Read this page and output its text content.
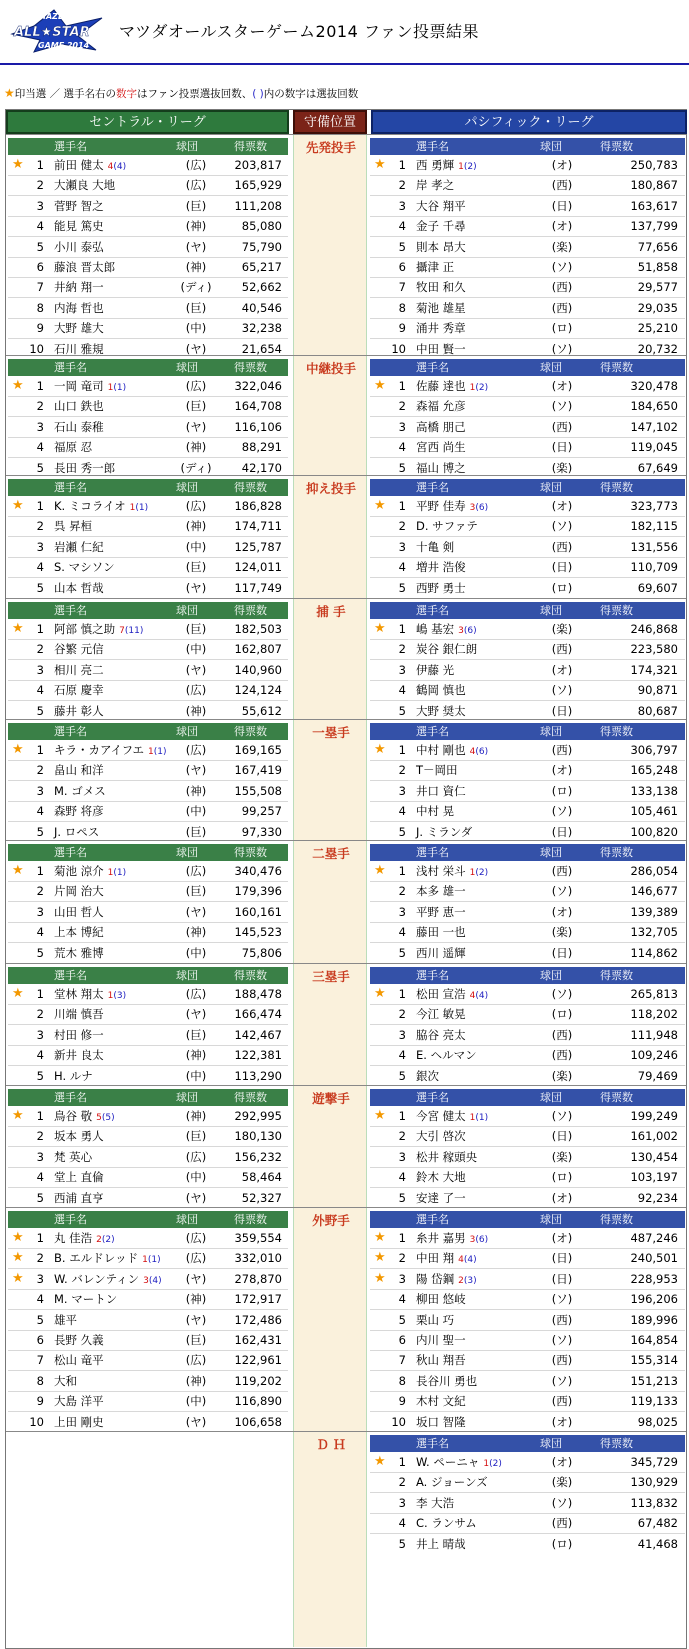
MAZDA
ALL★STAR
GAME 2014
マツダオールスターゲーム2014 ファン投票結果
★印当選 ／ 選手名右の数字はファン投票選抜回数、( )内の数字は選抜回数
セントラル・リーグ	守備位置	パシフィック・リーグ
先発投手
選手名	球団	得票数
★	1 前田 健太 4(4)	(広)	203,817
2 大瀬良 大地	(広)	165,929
3 菅野 智之	(巨)	111,208
4 能見 篤史	(神)	85,080
5 小川 泰弘	(ヤ)	75,790
6 藤浪 晋太郎	(神)	65,217
7 井納 翔一	(ディ)	52,662
8 内海 哲也	(巨)	40,546
9 大野 雄大	(中)	32,238
10 石川 雅規	(ヤ)	21,654
選手名	球団	得票数
★	1 西 勇輝 1(2)	(オ)	250,783
2 岸 孝之	(西)	180,867
3 大谷 翔平	(日)	163,617
4 金子 千尋	(オ)	137,799
5 則本 昂大	(楽)	77,656
6 攝津 正	(ソ)	51,858
7 牧田 和久	(西)	29,577
8 菊池 雄星	(西)	29,035
9 涌井 秀章	(ロ)	25,210
10 中田 賢一	(ソ)	20,732
中継投手
選手名	球団	得票数
★	1 一岡 竜司 1(1)	(広)	322,046
2 山口 鉄也	(巨)	164,708
3 石山 泰稚	(ヤ)	116,106
4 福原 忍	(神)	88,291
5 長田 秀一郎	(ディ)	42,170
選手名	球団	得票数
★	1 佐藤 達也 1(2)	(オ)	320,478
2 森福 允彦	(ソ)	184,650
3 高橋 朋己	(西)	147,102
4 宮西 尚生	(日)	119,045
5 福山 博之	(楽)	67,649
抑え投手
選手名	球団	得票数
★	1 K. ミコライオ 1(1)	(広)	186,828
2 呉 昇桓	(神)	174,711
3 岩瀬 仁紀	(中)	125,787
4 S. マシソン	(巨)	124,011
5 山本 哲哉	(ヤ)	117,749
選手名	球団	得票数
★	1 平野 佳寿 3(6)	(オ)	323,773
2 D. サファテ	(ソ)	182,115
3 十亀 剣	(西)	131,556
4 増井 浩俊	(日)	110,709
5 西野 勇士	(ロ)	69,607
捕 手
選手名	球団	得票数
★	1 阿部 慎之助 7(11)	(巨)	182,503
2 谷繁 元信	(中)	162,807
3 相川 亮二	(ヤ)	140,960
4 石原 慶幸	(広)	124,124
5 藤井 彰人	(神)	55,612
選手名	球団	得票数
★	1 嶋 基宏 3(6)	(楽)	246,868
2 炭谷 銀仁朗	(西)	223,580
3 伊藤 光	(オ)	174,321
4 鶴岡 慎也	(ソ)	90,871
5 大野 奨太	(日)	80,687
一塁手
選手名	球団	得票数
★	1 キラ・カアイフエ 1(1)	(広)	169,165
2 畠山 和洋	(ヤ)	167,419
3 M. ゴメス	(神)	155,508
4 森野 将彦	(中)	99,257
5 J. ロペス	(巨)	97,330
選手名	球団	得票数
★	1 中村 剛也 4(6)	(西)	306,797
2 T－岡田	(オ)	165,248
3 井口 資仁	(ロ)	133,138
4 中村 晃	(ソ)	105,461
5 J. ミランダ	(日)	100,820
二塁手
選手名	球団	得票数
★	1 菊池 涼介 1(1)	(広)	340,476
2 片岡 治大	(巨)	179,396
3 山田 哲人	(ヤ)	160,161
4 上本 博紀	(神)	145,523
5 荒木 雅博	(中)	75,806
選手名	球団	得票数
★	1 浅村 栄斗 1(2)	(西)	286,054
2 本多 雄一	(ソ)	146,677
3 平野 恵一	(オ)	139,389
4 藤田 一也	(楽)	132,705
5 西川 遥輝	(日)	114,862
三塁手
選手名	球団	得票数
★	1 堂林 翔太 1(3)	(広)	188,478
2 川端 慎吾	(ヤ)	166,474
3 村田 修一	(巨)	142,467
4 新井 良太	(神)	122,381
5 H. ルナ	(中)	113,290
選手名	球団	得票数
★	1 松田 宣浩 4(4)	(ソ)	265,813
2 今江 敏晃	(ロ)	118,202
3 脇谷 亮太	(西)	111,948
4 E. ヘルマン	(西)	109,246
5 銀次	(楽)	79,469
遊撃手
選手名	球団	得票数
★	1 鳥谷 敬 5(5)	(神)	292,995
2 坂本 勇人	(巨)	180,130
3 梵 英心	(広)	156,232
4 堂上 直倫	(中)	58,464
5 西浦 直亨	(ヤ)	52,327
選手名	球団	得票数
★	1 今宮 健太 1(1)	(ソ)	199,249
2 大引 啓次	(日)	161,002
3 松井 稼頭央	(楽)	130,454
4 鈴木 大地	(ロ)	103,197
5 安達 了一	(オ)	92,234
外野手
選手名	球団	得票数
★	1 丸 佳浩 2(2)	(広)	359,554
★	2 B. エルドレッド 1(1)	(広)	332,010
★	3 W. バレンティン 3(4)	(ヤ)	278,870
4 M. マートン	(神)	172,917
5 雄平	(ヤ)	172,486
6 長野 久義	(巨)	162,431
7 松山 竜平	(広)	122,961
8 大和	(神)	119,202
9 大島 洋平	(中)	116,890
10 上田 剛史	(ヤ)	106,658
選手名	球団	得票数
★	1 糸井 嘉男 3(6)	(オ)	487,246
★	2 中田 翔 4(4)	(日)	240,501
★	3 陽 岱鋼 2(3)	(日)	228,953
4 柳田 悠岐	(ソ)	196,206
5 栗山 巧	(西)	189,996
6 内川 聖一	(ソ)	164,854
7 秋山 翔吾	(西)	155,314
8 長谷川 勇也	(ソ)	151,213
9 木村 文紀	(西)	119,133
10 坂口 智隆	(オ)	98,025
Ｄ Ｈ	選手名	球団	得票数
★	1 W. ペーニャ 1(2)	(オ)	345,729
2 A. ジョーンズ	(楽)	130,929
3 李 大浩	(ソ)	113,832
4 C. ランサム	(西)	67,482
5 井上 晴哉	(ロ)	41,468
